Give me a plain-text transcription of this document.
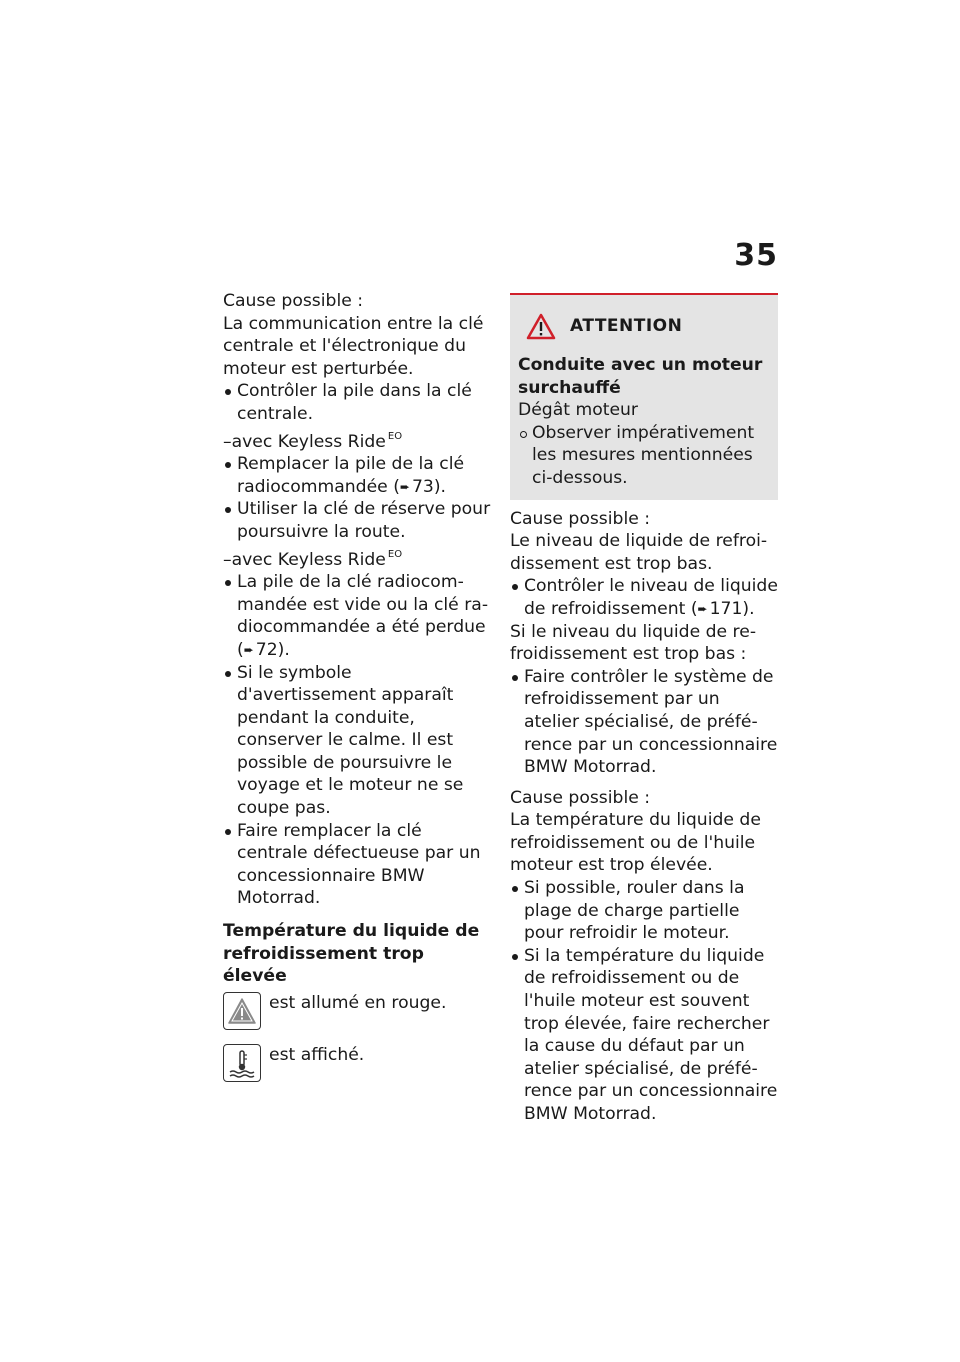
35

Cause possible :

La communication entre la clé centrale et l'électronique du moteur est perturbée.

Contrôler la pile dans la clé centrale.

–avec Keyless Ride $^{EO}$

Remplacer la pile de la clé radiocommandée (➨ 73).

Utiliser la clé de réserve pour poursuivre la route.

–avec Keyless Ride $^{EO}$

La pile de la clé radiocommandée est vide ou la clé radiocommandée a été perdue (➨ 72).

Si le symbole d'avertissement apparaît pendant la conduite, conserver le calme. Il est possible de poursuivre le voyage et le moteur ne se coupe pas.

Faire remplacer la clé centrale défectueuse par un concessionnaire BMW Motorrad.

Température du liquide de refroidissement trop élevée

est allumé en rouge.
est affiché.
ATTENTION

Conduite avec un moteur surchauffé

Dégât moteur

Observer impérativement les mesures mentionnées ci-dessous.

Cause possible :

Le niveau de liquide de refroidissement est trop bas.

Contrôler le niveau de liquide de refroidissement (➨ 171).

Si le niveau du liquide de refroidissement est trop bas :

Faire contrôler le système de refroidissement par un atelier spécialisé, de préférence par un concessionnaire BMW Motorrad.

Cause possible :

La température du liquide de refroidissement ou de l'huile moteur est trop élevée.

Si possible, rouler dans la plage de charge partielle pour refroidir le moteur.

Si la température du liquide de refroidissement ou de l'huile moteur est souvent trop élevée, faire rechercher la cause du défaut par un atelier spécialisé, de préférence par un concessionnaire BMW Motorrad.
